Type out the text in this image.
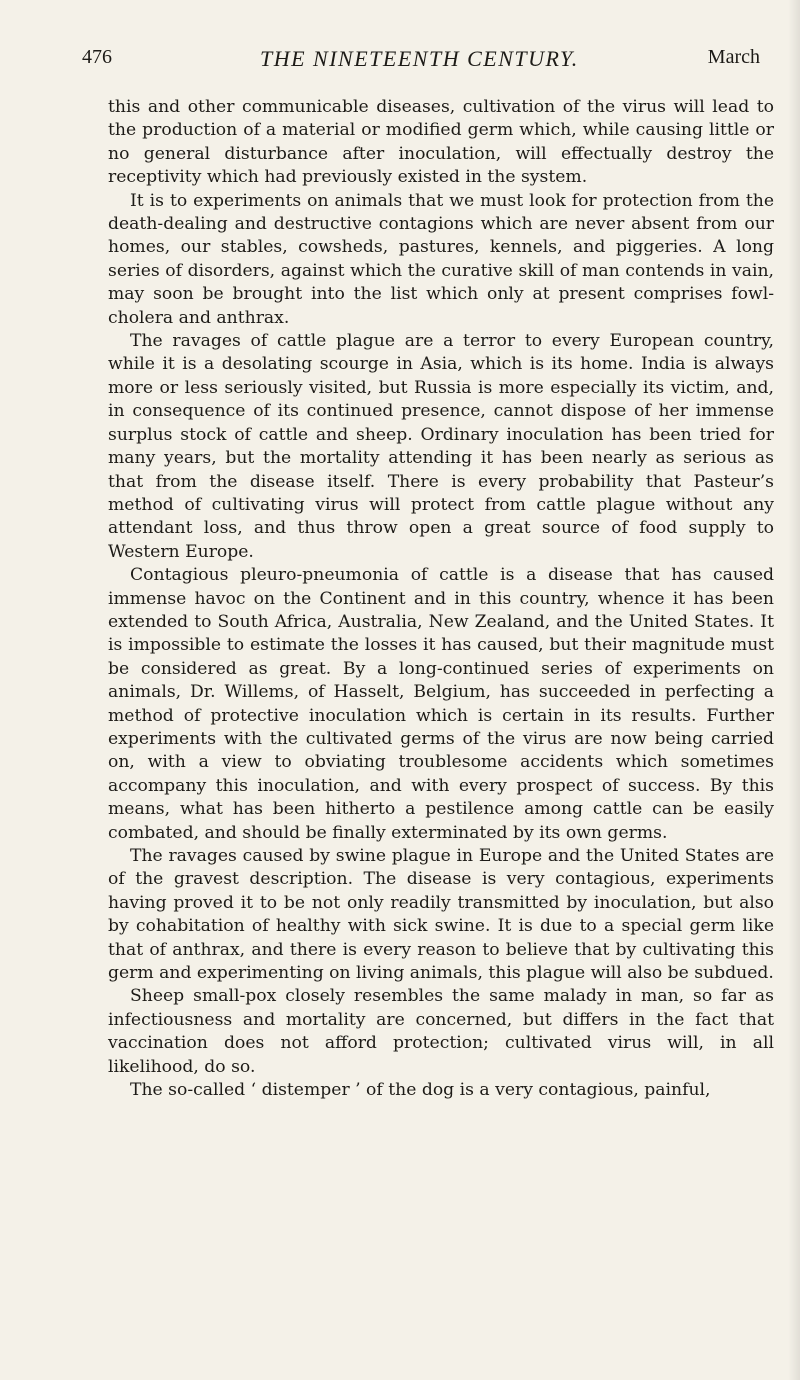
476	THE NINETEENTH CENTURY.	March

this and other communicable diseases, cultivation of the virus will lead to the production of a material or modified germ which, while causing little or no general disturbance after inoculation, will effectually destroy the receptivity which had previously existed in the system.

It is to experiments on animals that we must look for protection from the death-dealing and destructive contagions which are never absent from our homes, our stables, cowsheds, pastures, kennels, and piggeries. A long series of disorders, against which the curative skill of man contends in vain, may soon be brought into the list which only at present comprises fowl-cholera and anthrax.

The ravages of cattle plague are a terror to every European country, while it is a desolating scourge in Asia, which is its home. India is always more or less seriously visited, but Russia is more especially its victim, and, in consequence of its continued presence, cannot dispose of her immense surplus stock of cattle and sheep. Ordinary inoculation has been tried for many years, but the mortality attending it has been nearly as serious as that from the disease itself. There is every probability that Pasteur’s method of cultivating virus will protect from cattle plague without any attendant loss, and thus throw open a great source of food supply to Western Europe.

Contagious pleuro-pneumonia of cattle is a disease that has caused immense havoc on the Continent and in this country, whence it has been extended to South Africa, Australia, New Zealand, and the United States. It is impossible to estimate the losses it has caused, but their magnitude must be considered as great. By a long-continued series of experiments on animals, Dr. Willems, of Hasselt, Belgium, has succeeded in perfecting a method of protective inoculation which is certain in its results. Further experiments with the cultivated germs of the virus are now being carried on, with a view to obviating troublesome accidents which sometimes accompany this inoculation, and with every prospect of success. By this means, what has been hitherto a pestilence among cattle can be easily combated, and should be finally exterminated by its own germs.

The ravages caused by swine plague in Europe and the United States are of the gravest description. The disease is very contagious, experiments having proved it to be not only readily transmitted by inoculation, but also by cohabitation of healthy with sick swine. It is due to a special germ like that of anthrax, and there is every reason to believe that by cultivating this germ and experimenting on living animals, this plague will also be subdued.

Sheep small-pox closely resembles the same malady in man, so far as infectiousness and mortality are concerned, but differs in the fact that vaccination does not afford protection; cultivated virus will, in all likelihood, do so.

The so-called ‘ distemper ’ of the dog is a very contagious, painful,
